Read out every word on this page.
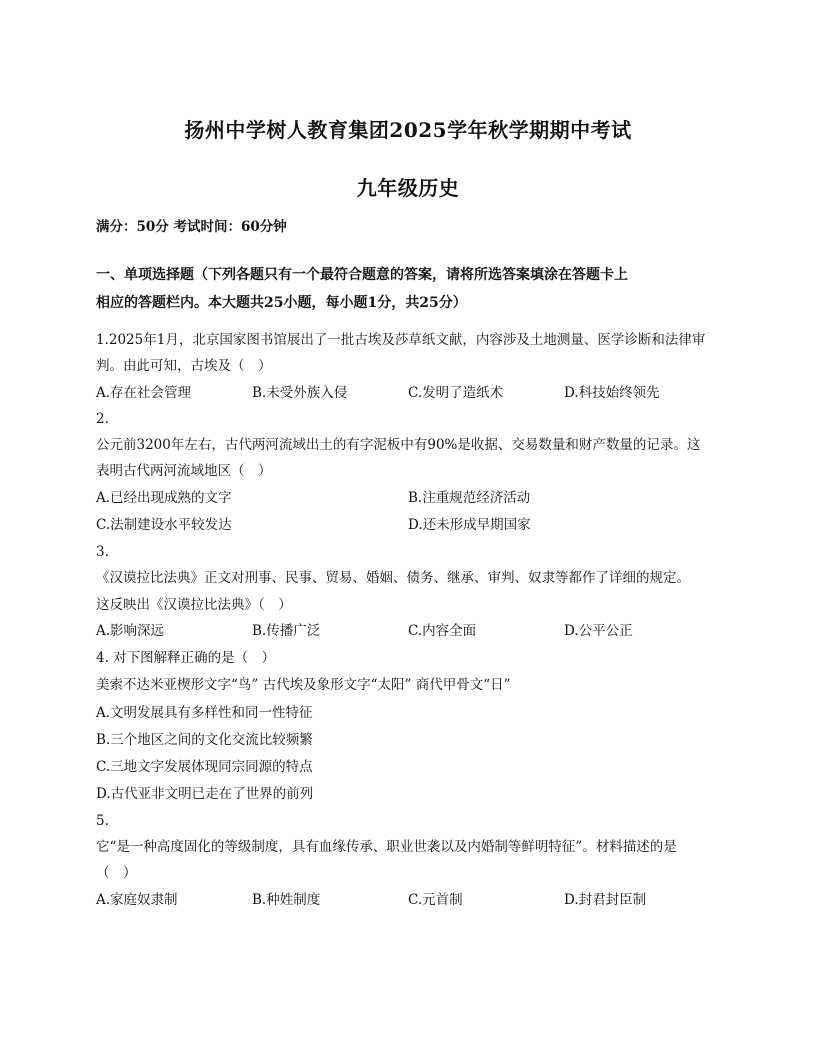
扬州中学树人教育集团2025学年秋学期期中考试
九年级历史
满分：50分 考试时间：60分钟
一、单项选择题（下列各题只有一个最符合题意的答案，请将所选答案填涂在答题卡上
相应的答题栏内。本大题共25小题，每小题1分，共25分）
1.2025年1月，北京国家图书馆展出了一批古埃及莎草纸文献，内容涉及土地测量、医学诊断和法律审
判。由此可知，古埃及（　）
A.存在社会管理	B.未受外族入侵	C.发明了造纸术	D.科技始终领先
2.
公元前3200年左右，古代两河流域出土的有字泥板中有90%是收据、交易数量和财产数量的记录。这
表明古代两河流域地区（　）
A.已经出现成熟的文字	B.注重规范经济活动
C.法制建设水平较发达	D.还未形成早期国家
3.
《汉谟拉比法典》正文对刑事、民事、贸易、婚姻、债务、继承、审判、奴隶等都作了详细的规定。
这反映出《汉谟拉比法典》（　）
A.影响深远	B.传播广泛	C.内容全面	D.公平公正
4. 对下图解释正确的是（　）
美索不达米亚楔形文字“鸟” 古代埃及象形文字“太阳” 商代甲骨文“日”
A.文明发展具有多样性和同一性特征
B.三个地区之间的文化交流比较频繁
C.三地文字发展体现同宗同源的特点
D.古代亚非文明已走在了世界的前列
5.
它“是一种高度固化的等级制度，具有血缘传承、职业世袭以及内婚制等鲜明特征”。材料描述的是
（　）
A.家庭奴隶制	B.种姓制度	C.元首制	D.封君封臣制
